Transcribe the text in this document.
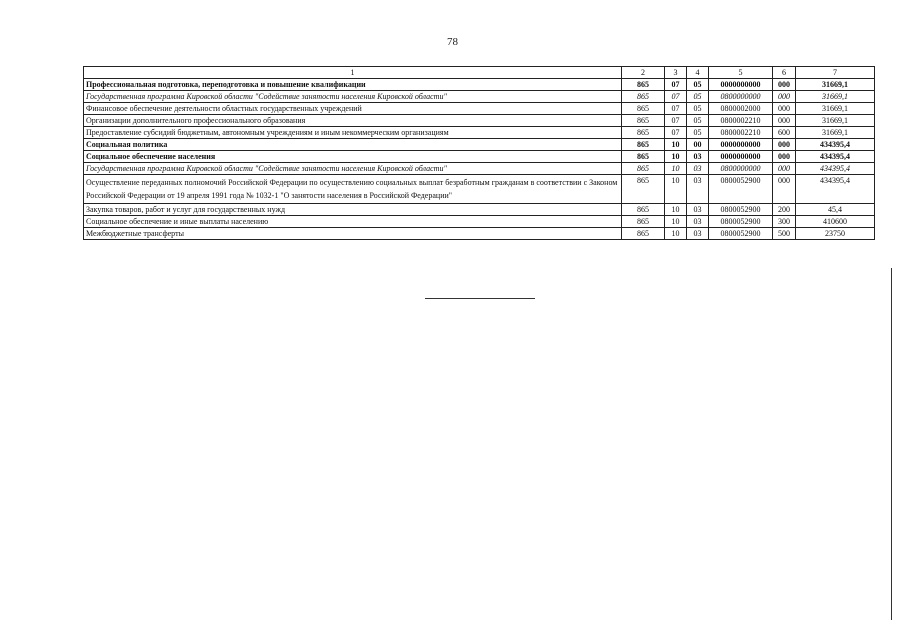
78
1	2	3	4	5	6	7
Профессиональная подготовка, переподготовка и повышение квалификации	865	07	05	0000000000	000	31669,1
Государственная программа Кировской области "Содействие занятости населения Кировской области"	865	07	05	0800000000	000	31669,1
Финансовое обеспечение деятельности областных государственных учреждений	865	07	05	0800002000	000	31669,1
Организации дополнительного профессионального образования	865	07	05	0800002210	000	31669,1
Предоставление субсидий бюджетным, автономным учреждениям и иным некоммерческим организациям	865	07	05	0800002210	600	31669,1
Социальная политика	865	10	00	0000000000	000	434395,4
Социальное обеспечение населения	865	10	03	0000000000	000	434395,4
Государственная программа Кировской области "Содействие занятости населения Кировской области"	865	10	03	0800000000	000	434395,4
Осуществление переданных полномочий Российской Федерации по осуществлению социальных выплат безработным гражданам в соответствии с Законом Российской Федерации от 19 апреля 1991 года № 1032-1 "О занятости населения в Российской Федерации"	865	10	03	0800052900	000	434395,4
Закупка товаров, работ и услуг для государственных нужд	865	10	03	0800052900	200	45,4
Социальное обеспечение и иные выплаты населению	865	10	03	0800052900	300	410600
Межбюджетные трансферты	865	10	03	0800052900	500	23750
